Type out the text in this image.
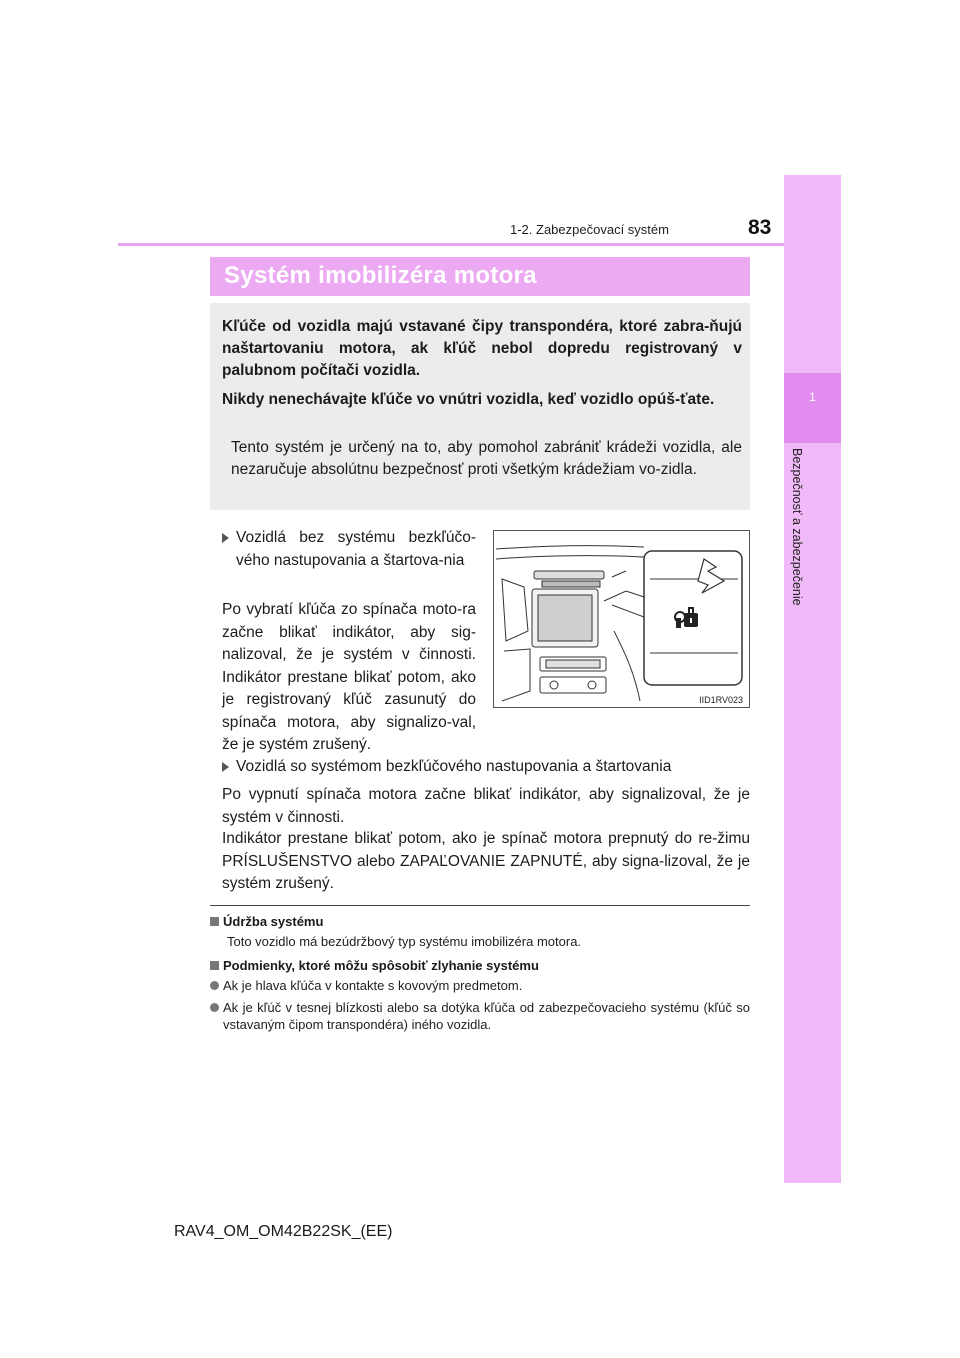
1-2. Zabezpečovací systém	83
1
Bezpečnosť a zabezpečenie
Systém imobilizéra motora
Kľúče od vozidla majú vstavané čipy transpondéra, ktoré zabra-ňujú naštartovaniu motora, ak kľúč nebol dopredu registrovaný v palubnom počítači vozidla.
Nikdy nenechávajte kľúče vo vnútri vozidla, keď vozidlo opúš-ťate.
Tento systém je určený na to, aby pomohol zabrániť krádeži vozidla, ale nezaručuje absolútnu bezpečnosť proti všetkým krádežiam vo-zidla.
Vozidlá bez systému bezkľúčo-vého nastupovania a štartova-nia
Po vybratí kľúča zo spínača moto-ra začne blikať indikátor, aby sig-nalizoval, že je systém v činnosti. Indikátor prestane blikať potom, ako je registrovaný kľúč zasunutý do spínača motora, aby signalizo-val, že je systém zrušený.
IID1RV023
Vozidlá so systémom bezkľúčového nastupovania a štartovania
Po vypnutí spínača motora začne blikať indikátor, aby signalizoval, že je systém v činnosti.
Indikátor prestane blikať potom, ako je spínač motora prepnutý do re-žimu PRÍSLUŠENSTVO alebo ZAPAĽOVANIE ZAPNUTÉ, aby signa-lizoval, že je systém zrušený.
Údržba systému
Toto vozidlo má bezúdržbový typ systému imobilizéra motora.
Podmienky, ktoré môžu spôsobiť zlyhanie systému
Ak je hlava kľúča v kontakte s kovovým predmetom.
Ak je kľúč v tesnej blízkosti alebo sa dotýka kľúča od zabezpečovacieho systému (kľúč so vstavaným čipom transpondéra) iného vozidla.
RAV4_OM_OM42B22SK_(EE)
